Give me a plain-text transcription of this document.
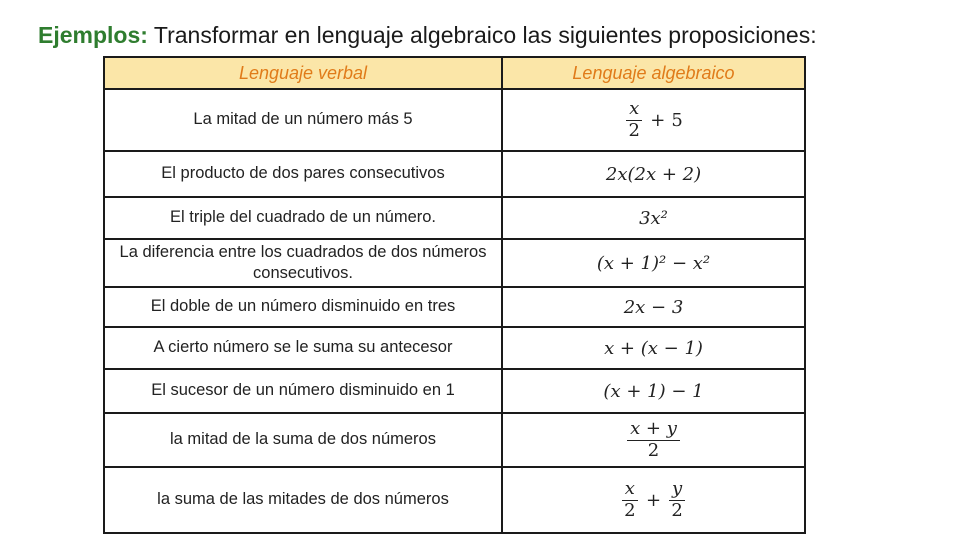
Ejemplos: Transformar en lenguaje algebraico las siguientes proposiciones:
Lenguaje verbal	Lenguaje algebraico
La mitad de un número más 5	$\frac{x}{2} + 5$
El producto de dos pares consecutivos	2x(2x + 2)
El triple del cuadrado de un número.	3x²
La diferencia entre los cuadrados de dos números consecutivos.	(x + 1)² − x²
El doble de un número disminuido en tres	2x − 3
A cierto número se le suma su antecesor	x + (x − 1)
El sucesor de un número disminuido en 1	(x + 1) − 1
la mitad de la suma de dos números	$\frac{x + y}{2}$
la suma de las mitades de dos números	$\frac{x}{2} + \frac{y}{2}$
